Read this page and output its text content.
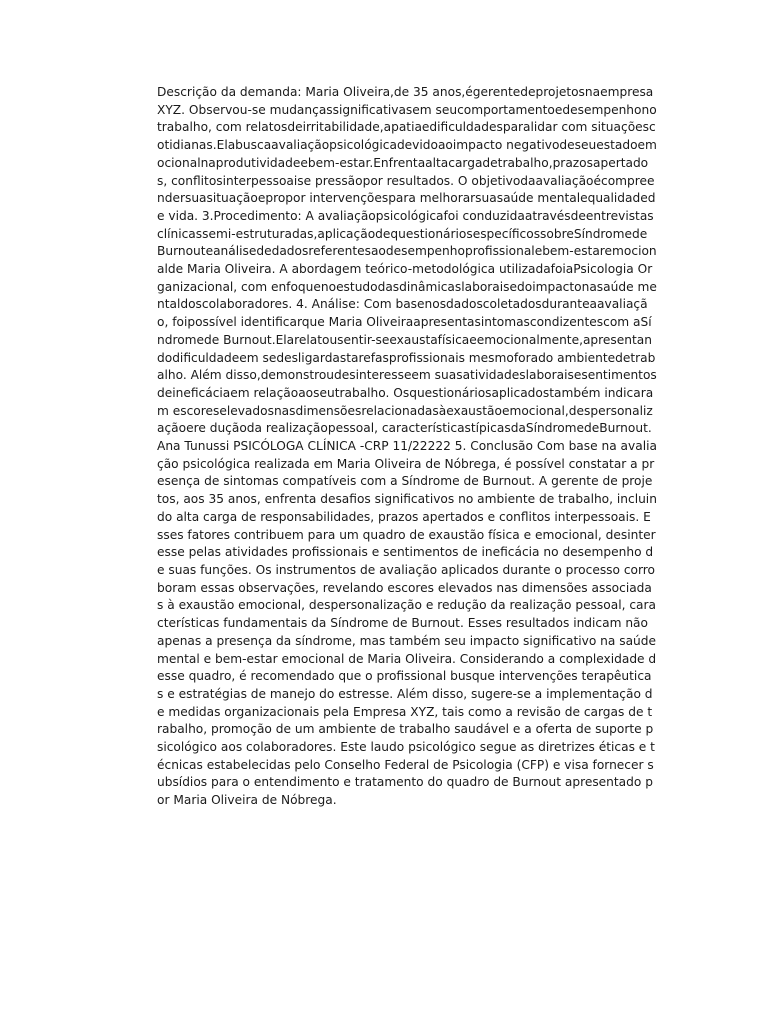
Descrição da demanda: Maria Oliveira,de 35 anos,égerentedeprojetosnaempresa XYZ. Observou-se mudançassignificativasem seucomportamentoedesempenhono trabalho, com relatosdeirritabilidade,apatiaedificuldadesparalidar com situaçõescotidianas.Elabuscaavaliaçãopsicológicadevidoaoimpacto negativodeseuestadoemocionalnaprodutividadeebem-estar.Enfrentaaltacargadetrabalho,prazosapertados, conflitosinterpessoaise pressãopor resultados. O objetivodaavaliaçãoécompreendersuasituaçãoepropor intervençõespara melhorarsuasaúde mentalequalidadede vida. 3.Procedimento: A avaliaçãopsicológicafoi conduzidaatravésdeentrevistasclínicassemi-estruturadas,aplicaçãodequestionáriosespecíficossobreSíndromede Burnouteanálisededadosreferentesaodesempenhoprofissionalebem-estaremocionalde Maria Oliveira. A abordagem teórico-metodológica utilizadafoiaPsicologia Organizacional, com enfoquenoestudodasdinâmicaslaboraisedoimpactonasaúde mentaldoscolaboradores. 4. Análise: Com basenosdadoscoletadosduranteaavaliação, foipossível identificarque Maria Oliveiraapresentasintomascondizentescom aSíndromede Burnout.Elarelatousentir-seexaustafísicaeemocionalmente,apresentandodificuldadeem sedesligardastarefasprofissionais mesmoforado ambientedetrabalho. Além disso,demonstroudesinteresseem suasatividadeslaboraisesentimentosdeineficáciaem relaçãoaoseutrabalho. Osquestionáriosaplicadostambém indicaram escoreselevadosnasdimensõesrelacionadasàexaustãoemocional,despersonalizaçãoere duçãoda realizaçãopessoal, característicastípicasdaSíndromedeBurnout. Ana Tunussi PSICÓLOGA CLÍNICA -CRP 11/22222 5. Conclusão Com base na avaliação psicológica realizada em Maria Oliveira de Nóbrega, é possível constatar a presença de sintomas compatíveis com a Síndrome de Burnout. A gerente de projetos, aos 35 anos, enfrenta desafios significativos no ambiente de trabalho, incluindo alta carga de responsabilidades, prazos apertados e conflitos interpessoais. Esses fatores contribuem para um quadro de exaustão física e emocional, desinteresse pelas atividades profissionais e sentimentos de ineficácia no desempenho de suas funções. Os instrumentos de avaliação aplicados durante o processo corroboram essas observações, revelando escores elevados nas dimensões associadas à exaustão emocional, despersonalização e redução da realização pessoal, características fundamentais da Síndrome de Burnout. Esses resultados indicam não apenas a presença da síndrome, mas também seu impacto significativo na saúde mental e bem-estar emocional de Maria Oliveira. Considerando a complexidade desse quadro, é recomendado que o profissional busque intervenções terapêuticas e estratégias de manejo do estresse. Além disso, sugere-se a implementação de medidas organizacionais pela Empresa XYZ, tais como a revisão de cargas de trabalho, promoção de um ambiente de trabalho saudável e a oferta de suporte psicológico aos colaboradores. Este laudo psicológico segue as diretrizes éticas e técnicas estabelecidas pelo Conselho Federal de Psicologia (CFP) e visa fornecer subsídios para o entendimento e tratamento do quadro de Burnout apresentado por Maria Oliveira de Nóbrega.
